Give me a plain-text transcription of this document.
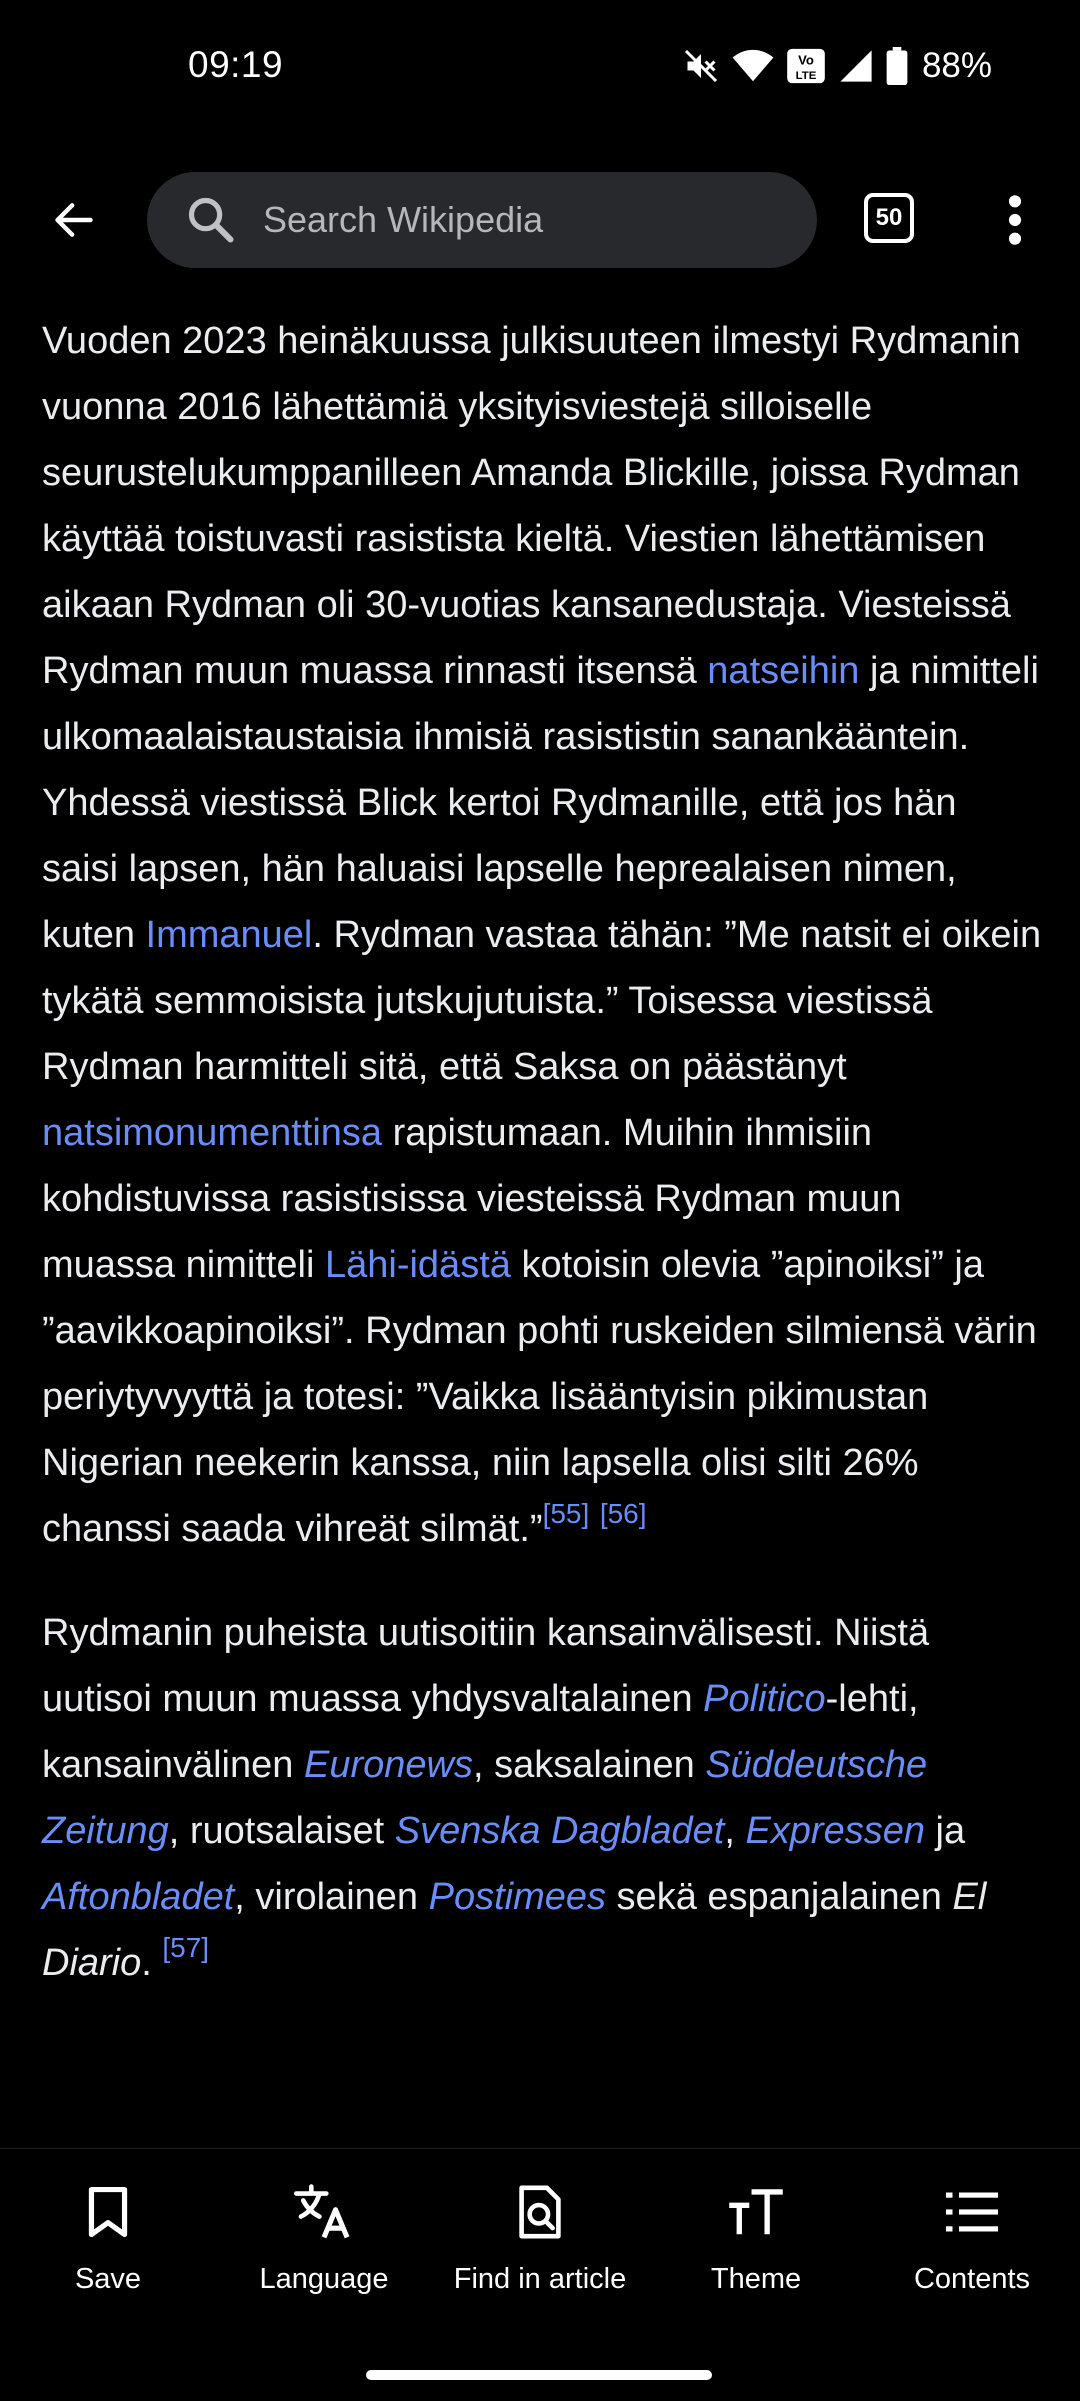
09:19	Vo
LTE	88%
Search Wikipedia
50

Vuoden 2023 heinäkuussa julkisuuteen ilmestyi Rydmanin vuonna 2016 lähettämiä yksityisviestejä silloiselle seurustelukumppanilleen Amanda Blickille, joissa Rydman käyttää toistuvasti rasistista kieltä. Viestien lähettämisen aikaan Rydman oli 30-vuotias kansanedustaja. Viesteissä Rydman muun muassa rinnasti itsensä natseihin ja nimitteli ulkomaalaistaustaisia ihmisiä rasististin sanankääntein. Yhdessä viestissä Blick kertoi Rydmanille, että jos hän saisi lapsen, hän haluaisi lapselle heprealaisen nimen, kuten Immanuel. Rydman vastaa tähän: ”Me natsit ei oikein tykätä semmoisista jutskujutuista.” Toisessa viestissä Rydman harmitteli sitä, että Saksa on päästänyt natsimonumenttinsa rapistumaan. Muihin ihmisiin kohdistuvissa rasistisissa viesteissä Rydman muun muassa nimitteli Lähi-idästä kotoisin olevia ”apinoiksi” ja ”aavikkoapinoiksi”. Rydman pohti ruskeiden silmiensä värin periytyvyyttä ja totesi: ”Vaikka lisääntyisin pikimustan Nigerian neekerin kanssa, niin lapsella olisi silti 26% chanssi saada vihreät silmät.”[55] [56]

Rydmanin puheista uutisoitiin kansainvälisesti. Niistä uutisoi muun muassa yhdysvaltalainen Politico-lehti, kansainvälinen Euronews, saksalainen Süddeutsche Zeitung, ruotsalaiset Svenska Dagbladet, Expressen ja Aftonbladet, virolainen Postimees sekä espanjalainen El Diario. [57]

Save	Language	Find in article	Theme	Contents
